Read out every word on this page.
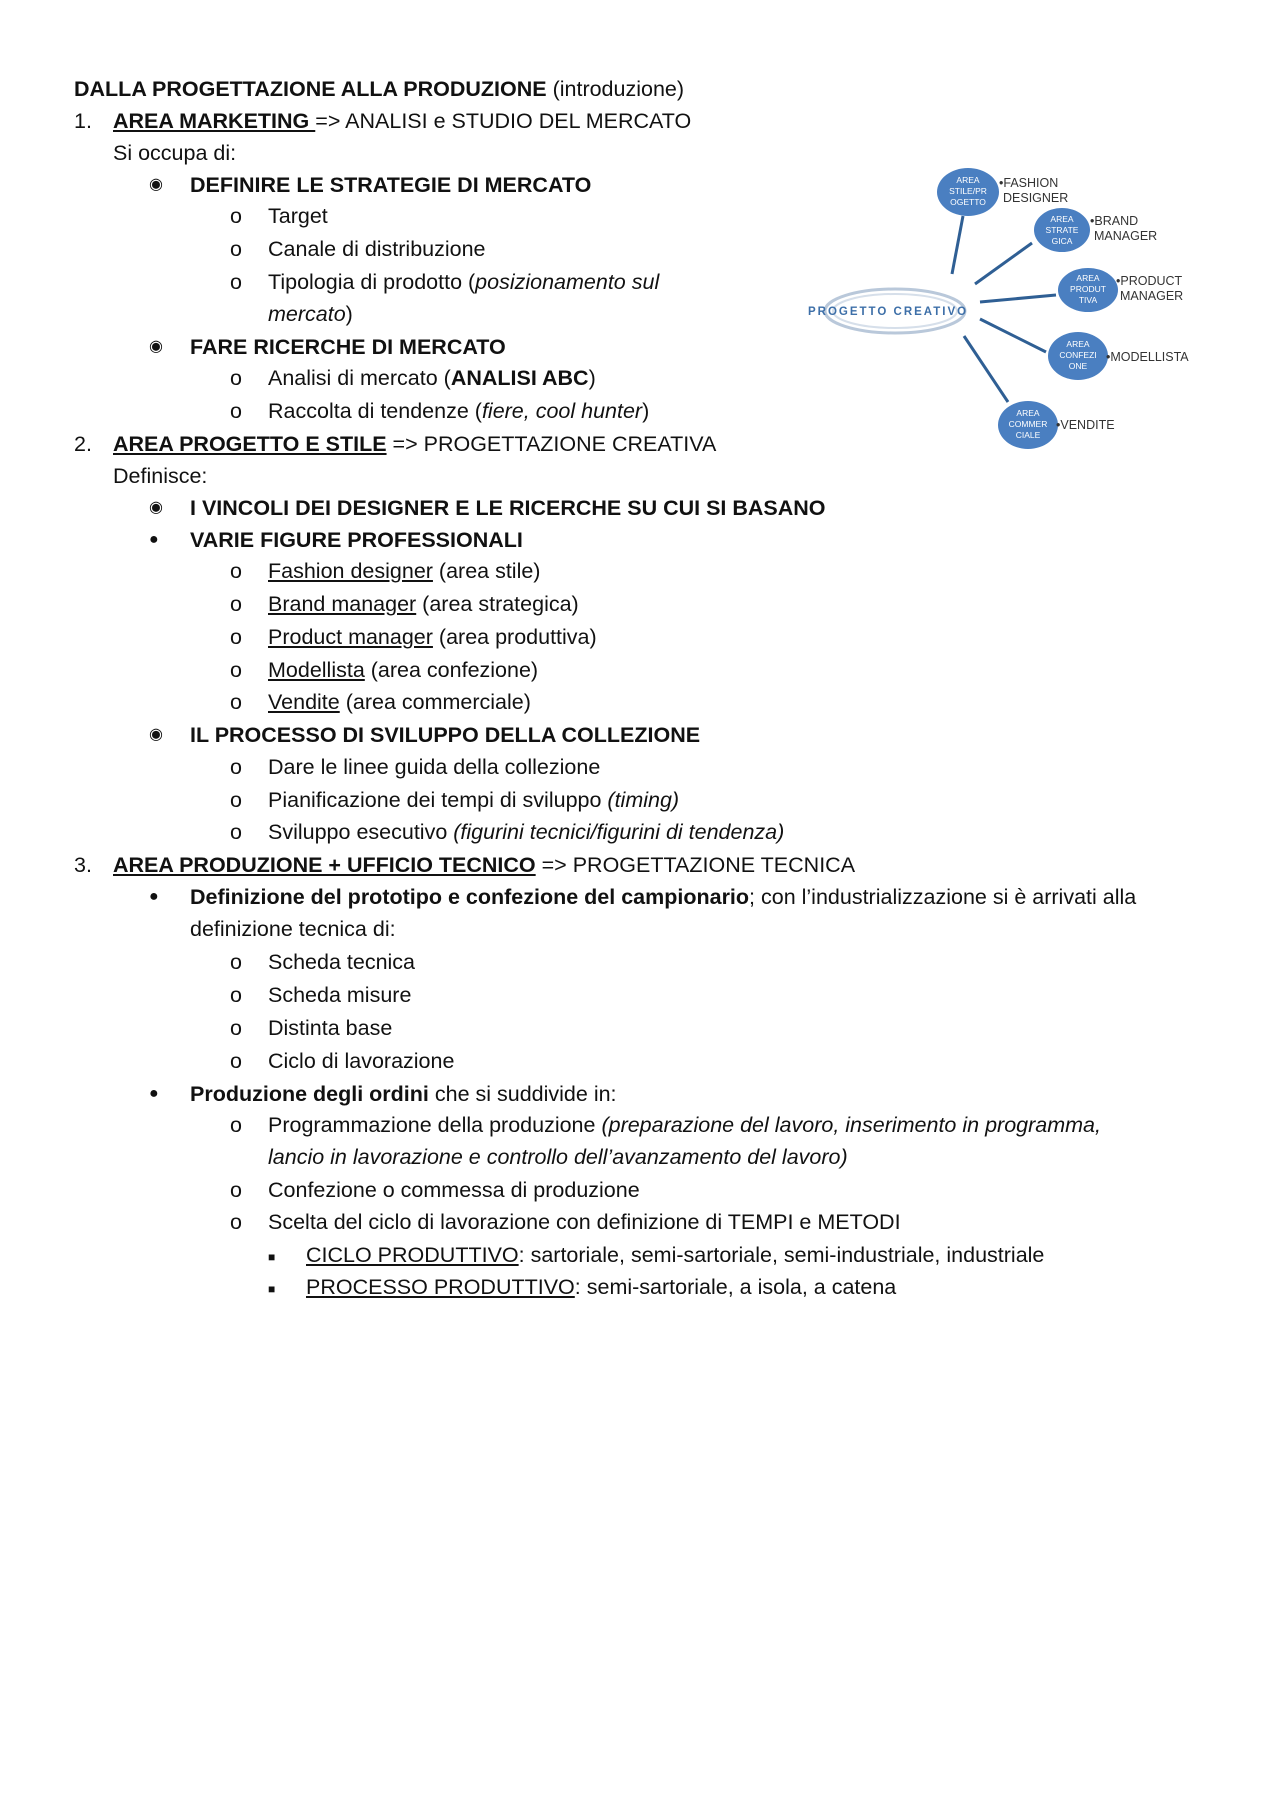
DALLA PROGETTAZIONE ALLA PRODUZIONE (introduzione)
1. AREA MARKETING => ANALISI e STUDIO DEL MERCATO
Si occupa di:
◉ DEFINIRE LE STRATEGIE DI MERCATO
o Target
o Canale di distribuzione
o Tipologia di prodotto (posizionamento sul
mercato)
◉ FARE RICERCHE DI MERCATO
o Analisi di mercato (ANALISI ABC)
o Raccolta di tendenze (fiere, cool hunter)
2. AREA PROGETTO E STILE => PROGETTAZIONE CREATIVA
Definisce:
◉ I VINCOLI DEI DESIGNER E LE RICERCHE SU CUI SI BASANO
● VARIE FIGURE PROFESSIONALI
o Fashion designer (area stile)
o Brand manager (area strategica)
o Product manager (area produttiva)
o Modellista (area confezione)
o Vendite (area commerciale)
◉ IL PROCESSO DI SVILUPPO DELLA COLLEZIONE
o Dare le linee guida della collezione
o Pianificazione dei tempi di sviluppo (timing)
o Sviluppo esecutivo (figurini tecnici/figurini di tendenza)
3. AREA PRODUZIONE + UFFICIO TECNICO => PROGETTAZIONE TECNICA
● Definizione del prototipo e confezione del campionario; con l’industrializzazione si è arrivati alla
definizione tecnica di:
o Scheda tecnica
o Scheda misure
o Distinta base
o Ciclo di lavorazione
● Produzione degli ordini che si suddivide in:
o Programmazione della produzione (preparazione del lavoro, inserimento in programma,
lancio in lavorazione e controllo dell’avanzamento del lavoro)
o Confezione o commessa di produzione
o Scelta del ciclo di lavorazione con definizione di TEMPI e METODI
■ CICLO PRODUTTIVO: sartoriale, semi-sartoriale, semi-industriale, industriale
■ PROCESSO PRODUTTIVO: semi-sartoriale, a isola, a catena
PROGETTO CREATIVO
AREA
STILE/PR
OGETTO
•FASHION
DESIGNER
AREA
STRATE
GICA
•BRAND
MANAGER
AREA
PRODUT
TIVA
•PRODUCT
MANAGER
AREA
CONFEZI
ONE
•MODELLISTA
AREA
COMMER
CIALE
•VENDITE
